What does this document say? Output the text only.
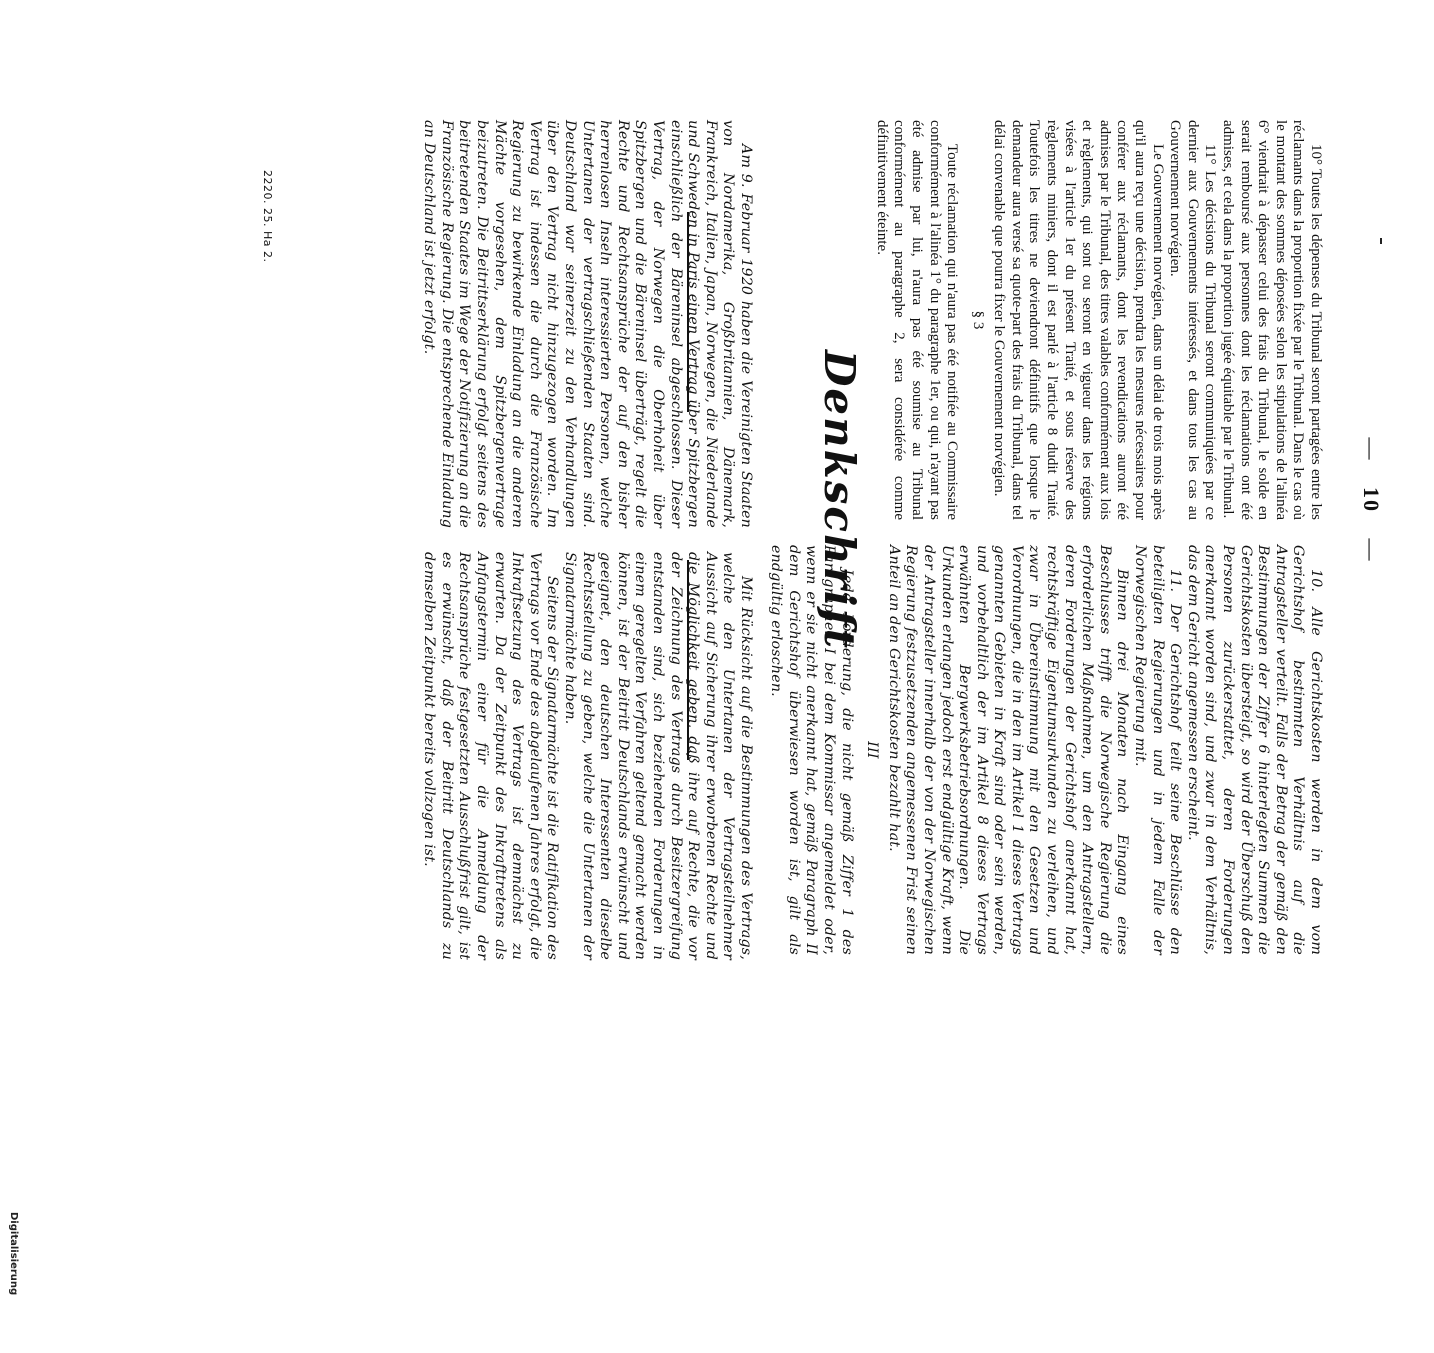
— 10 —

10° Toutes les dépenses du Tribunal seront partagées entre les réclamants dans la proportion fixée par le Tribunal. Dans le cas où le montant des sommes déposées selon les stipulations de l'alinéa 6° viendrait à dépasser celui des frais du Tribunal, le solde en serait remboursé aux personnes dont les réclamations ont été admises, et cela dans la proportion jugée équitable par le Tribunal.

11° Les décisions du Tribunal seront communiquées par ce dernier aux Gouvernements intéressés, et dans tous les cas au Gouvernement norvégien.

Le Gouvernement norvégien, dans un délai de trois mois après qu'il aura reçu une décision, prendra les mesures nécessaires pour conférer aux réclamants, dont les revendications auront été admises par le Tribunal, des titres valables conformément aux lois et règlements, qui sont ou seront en vigueur dans les régions visées à l'article 1er du présent Traité, et sous réserve des règlements miniers, dont il est parlé à l'article 8 dudit Traité. Toutefois les titres ne deviendront définitifs que lorsque le demandeur aura versé sa quote-part des frais du Tribunal, dans tel délai convenable que pourra fixer le Gouvernement norvégien.

§ 3

Toute réclamation qui n'aura pas été notifiée au Commissaire conformément à l'alinéa 1° du paragraphe 1er, ou qui, n'ayant pas été admise par lui, n'aura pas été soumise au Tribunal conformément au paragraphe 2, sera considérée comme définitivement éteinte.

10. Alle Gerichtskosten werden in dem vom Gerichtshof bestimmten Verhältnis auf die Antragsteller verteilt. Falls der Betrag der gemäß den Bestimmungen der Ziffer 6 hinterlegten Summen die Gerichtskosten übersteigt, so wird der Überschuß den Personen zurückerstattet, deren Forderungen anerkannt worden sind, und zwar in dem Verhältnis, das dem Gericht angemessen erscheint.

11. Der Gerichtshof teilt seine Beschlüsse den beteiligten Regierungen und in jedem Falle der Norwegischen Regierung mit.

Binnen drei Monaten nach Eingang eines Beschlusses trifft die Norwegische Regierung die erforderlichen Maßnahmen, um den Antragstellern, deren Forderungen der Gerichtshof anerkannt hat, rechtskräftige Eigentumsurkunden zu verleihen, und zwar in Übereinstimmung mit den Gesetzen und Verordnungen, die in den im Artikel 1 dieses Vertrags genannten Gebieten in Kraft sind oder sein werden, und vorbehaltlich der im Artikel 8 dieses Vertrags erwähnten Bergwerksbetriebsordnungen. Die Urkunden erlangen jedoch erst endgültige Kraft, wenn der Antragsteller innerhalb der von der Norwegischen Regierung festzusetzenden angemessenen Frist seinen Anteil an den Gerichtskosten bezahlt hat.

III

Jede Forderung, die nicht gemäß Ziffer 1 des Paragraphen I bei dem Kommissar angemeldet oder, wenn er sie nicht anerkannt hat, gemäß Paragraph II dem Gerichtshof überwiesen worden ist, gilt als endgültig erloschen. Denkschrift

Am 9. Februar 1920 haben die Vereinigten Staaten von Nordamerika, Großbritannien, Dänemark, Frankreich, Italien, Japan, Norwegen, die Niederlande und Schweden in Paris einen Vertrag über Spitzbergen einschließlich der Bäreninsel abgeschlossen. Dieser Vertrag, der Norwegen die Oberhoheit über Spitzbergen und die Bäreninsel überträgt, regelt die Rechte und Rechtsansprüche der auf den bisher herrenlosen Inseln interessierten Personen, welche Untertanen der vertragschließenden Staaten sind. Deutschland war seinerzeit zu den Verhandlungen über den Vertrag nicht hinzugezogen worden. Im Vertrag ist indessen die durch die Französische Regierung zu bewirkende Einladung an die anderen Mächte vorgesehen, dem Spitzbergenvertrage beizutreten. Die Beitrittserklärung erfolgt seitens des beitretenden Staates im Wege der Notifizierung an die Französische Regierung. Die entsprechende Einladung an Deutschland ist jetzt erfolgt.

Mit Rücksicht auf die Bestimmungen des Vertrags, welche den Untertanen der Vertragsteilnehmer Aussicht auf Sicherung ihrer erworbenen Rechte und die Möglichkeit geben, daß ihre auf Rechte, die vor der Zeichnung des Vertrags durch Besitzergreifung entstanden sind, sich beziehenden Forderungen in einem geregelten Verfahren geltend gemacht werden können, ist der Beitritt Deutschlands erwünscht und geeignet, den deutschen Interessenten dieselbe Rechtsstellung zu geben, welche die Untertanen der Signatarmächte haben.

Seitens der Signatarmächte ist die Ratifikation des Vertrags vor Ende des abgelaufenen Jahres erfolgt, die Inkraftsetzung des Vertrags ist demnächst zu erwarten. Da der Zeitpunkt des Inkrafttretens als Anfangstermin einer für die Anmeldung der Rechtsansprüche festgesetzten Ausschlußfrist gilt, ist es erwünscht, daß der Beitritt Deutschlands zu demselben Zeitpunkt bereits vollzogen ist.

2220. 25. Ha 2.
Digitalisierung
